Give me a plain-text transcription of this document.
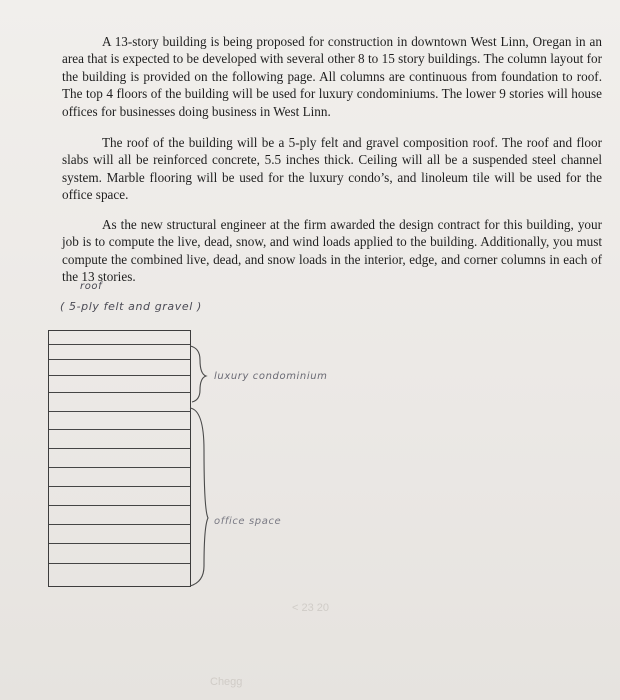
A 13-story building is being proposed for construction in downtown West Linn, Oregan in an area that is expected to be developed with several other 8 to 15 story buildings. The column layout for the building is provided on the following page. All columns are continuous from foundation to roof. The top 4 floors of the building will be used for luxury condominiums. The lower 9 stories will house offices for businesses doing business in West Linn.

The roof of the building will be a 5-ply felt and gravel composition roof. The roof and floor slabs will all be reinforced concrete, 5.5 inches thick. Ceiling will all be a suspended steel channel system. Marble flooring will be used for the luxury condo’s, and linoleum tile will be used for the office space.

As the new structural engineer at the firm awarded the design contract for this building, your job is to compute the live, dead, snow, and wind loads applied to the building. Additionally, you must compute the combined live, dead, and snow loads in the interior, edge, and corner columns in each of the 13 stories.

roof
( 5-ply felt and gravel )
luxury condominium
office space
< 23 20
Chegg
